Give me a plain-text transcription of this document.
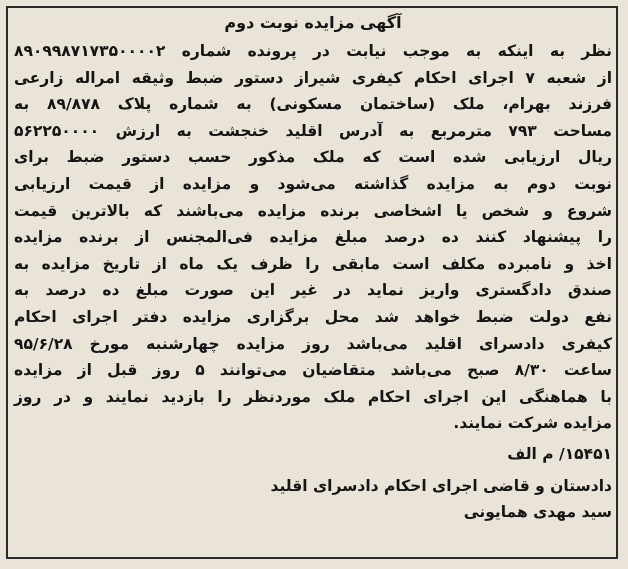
آگهی مزایده نوبت دوم
نظر به اینکه به موجب نیابت در پرونده شماره ۸۹۰۹۹۸۷۱۷۳۵۰۰۰۰۲
از شعبه ۷ اجرای احکام کیفری شیراز دستور ضبط وثیقه امراله زارعی
فرزند بهرام، ملک (ساختمان مسکونی) به شماره پلاک ۸۹/۸۷۸ به
مساحت ۷۹۳ مترمربع به آدرس اقلید خنجشت به ارزش ۵۶۲۲۵۰۰۰۰
ریال ارزیابی شده است که ملک مذکور حسب دستور ضبط برای
نوبت دوم به مزایده گذاشته می‌شود و مزایده از قیمت ارزیابی
شروع و شخص یا اشخاصی برنده مزایده می‌باشند که بالاترین قیمت
را پیشنهاد کنند ده درصد مبلغ مزایده فی‌المجنس از برنده مزایده
اخذ و نامبرده مکلف است مابقی را ظرف یک ماه از تاریخ مزایده به
صندق دادگستری واریز نماید در غیر این صورت مبلغ ده درصد به
نفع دولت ضبط خواهد شد محل برگزاری مزایده دفتر اجرای احکام
کیفری دادسرای اقلید می‌باشد روز مزایده چهارشنبه مورخ ۹۵/۶/۲۸
ساعت ۸/۳۰ صبح می‌باشد متقاضیان می‌توانند ۵ روز قبل از مزایده
با هماهنگی این اجرای احکام ملک موردنظر را بازدید نمایند و در روز
مزایده شرکت نمایند.
۱۵۴۵۱/ م الف
دادستان و قاضی اجرای احکام دادسرای اقلید
سید مهدی همایونی
